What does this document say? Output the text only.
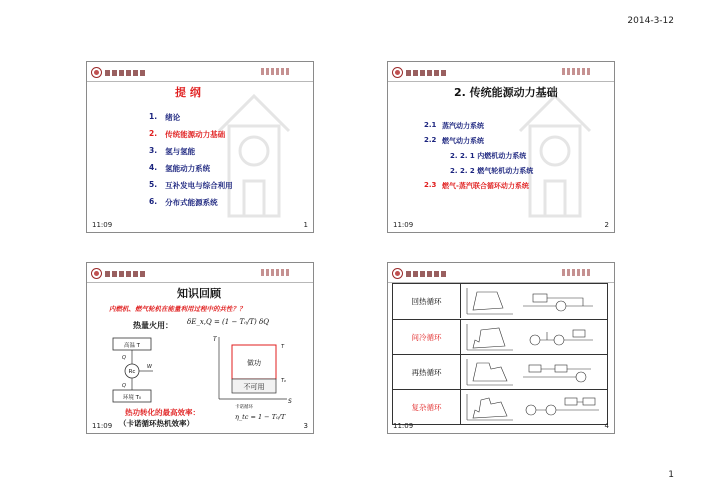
2014-3-12
提 纲
1. 绪论
2. 传统能源动力基础
3. 氢与氢能
4. 氢能动力系统
5. 互补发电与综合利用
6. 分布式能源系统
11:09	1
2. 传统能源动力基础
2.1 蒸汽动力系统
2.2 燃气动力系统
2. 2. 1 内燃机动力系统
2. 2. 2 燃气轮机动力系统
2.3 燃气-蒸汽联合循环动力系统
11:09	2
知识回顾
内燃机、燃气轮机在能量利用过程中的共性？？
热量火用： δE_x,Q = (1 − T₀/T) δQ
高温 T
Q
Rc
W
Q
环境 T₀
T
S
做功
不可用
T
T₀
卡诺循环
热功转化的最高效率：
（卡诺循环热机效率）
η_tc = 1 − T₀/T
11:09	3
回热循环
间冷循环
再热循环
复杂循环
11:09	4
1
